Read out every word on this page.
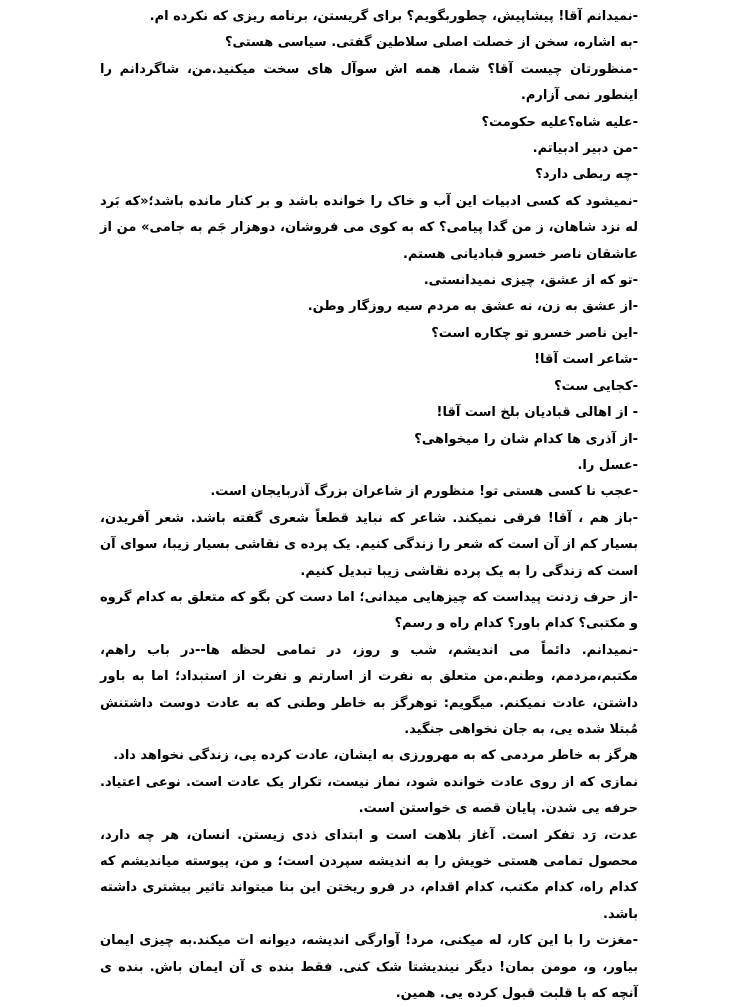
-نمیدانم آقا! پیشاپیش، چطوربگویم؟ برای گریستن، برنامه ریزی که نکرده ام.

-به اشاره، سخن از خصلت اصلی سلاطین گفتی. سیاسی هستی؟

-منظورتان چیست آقا؟ شما، همه اش سوآل های سخت میکنید.من، شاگردانم را اینطور نمی آزارم.

-علیه شاه؟علیه حکومت؟

-من دبیر ادبیاتم.

-چه ربطی دارد؟

-نمیشود که کسی ادبیات این آب و خاک را خوانده باشد و بر کنار مانده باشد؛«که بَرد له نزد شاهان، ز من گدا پیامی؟ که به کوی می فروشان، دوهزار جَم به جامی» من از عاشقان ناصر خسرو قبادیانی هستم.

-تو که از عشق، چیزی نمیدانستی.

-از عشق به زن، نه عشق به مردم سیه روزگار وطن.

-این ناصر خسرو تو چکاره است؟

-شاعر است آقا!

-کجایی ست؟

- از اهالی قبادیان بلخ است آقا!

-از آذری ها کدام شان را میخواهی؟

-عسل را.

-عجب نا کسی هستی تو! منظورم از شاعران بزرگ آذربایجان است.

-باز هم ، آقا! فرقی نمیکند. شاعر که نباید قطعاً شعری گفته باشد. شعر آفریدن، بسیار کم از آن است که شعر را زندگی کنیم. یک پرده ی نقاشی بسیار زیبا، سوای آن است که زندگی را به یک پرده نقاشی زیبا تبدیل کنیم.

-از حرف زدنت پیداست که چیزهایی میدانی؛ اما دست کن بگو که متعلق به کدام گروه و مکتبی؟ کدام باور؟ کدام راه و رسم؟

-نمیدانم. دائماً می اندیشم، شب و روز، در تمامی لحظه ها--در باب راهم، مکتبم،مردمم، وطنم.من متعلق به نفرت از اسارتم و نفرت از استبداد؛ اما به باور داشتن، عادت نمیکنم. میگویم: توهرگز به خاطر وطنی که به عادت دوست داشتنش مُبتلا شده یی، به جان نخواهی جنگید.

هرگز به خاطر مردمی که به مهرورزی به ایشان، عادت کرده یی، زندگی نخواهد داد.

نمازی که از روی عادت خوانده شود، نماز نیست، تکرار یک عادت است. نوعی اعتیاد. حرفه یی شدن. پایان قصه ی خواستن است.

عدت، رَد تفکر است. آغاز بلاهت است و ابتدای ذدی زیستن. انسان، هر چه دارد، محصول تمامی هستی خویش را به اندیشه سپردن است؛ و من، پیوسته میاندیشم که کدام راه، کدام مکتب، کدام اقدام، در فرو ریختن این بنا میتواند تاثیر بیشتری داشته باشد.

-مغزت را با این کار، له میکنی، مرد! آوارگی اندیشه، دیوانه ات میکند.به چیزی ایمان بیاور، و، مومن بمان! دیگر نیندیشتا شک کنی. فقط بنده ی آن ایمان باش. بنده ی آنچه که با قلبت قبول کرده یی. همین.
